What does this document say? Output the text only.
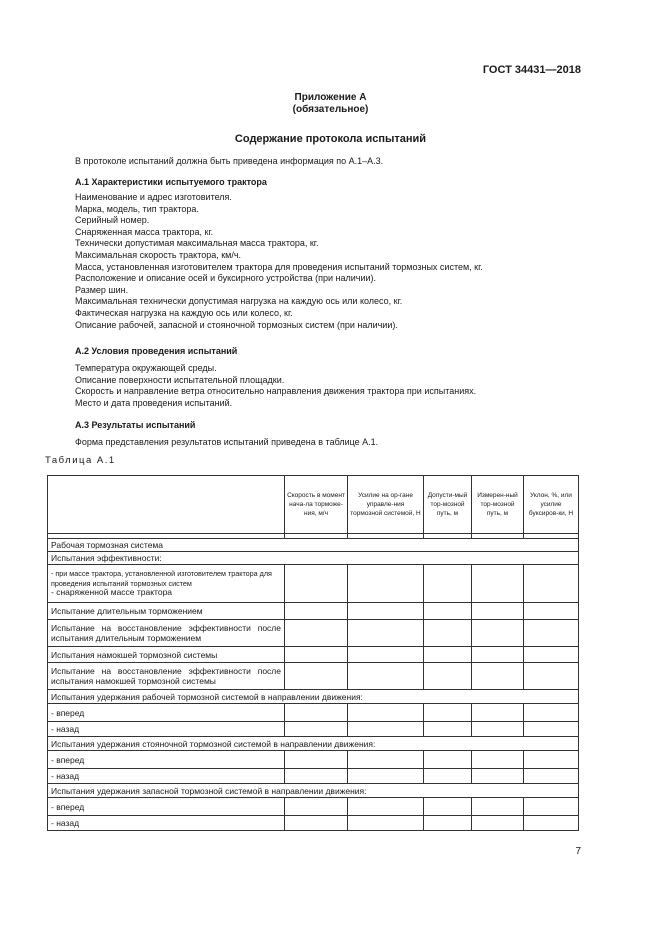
ГОСТ 34431—2018
Приложение А
(обязательное)
Содержание протокола испытаний
В протоколе испытаний должна быть приведена информация по А.1–А.3.
А.1 Характеристики испытуемого трактора
Наименование и адрес изготовителя.
Марка, модель, тип трактора.
Серийный номер.
Снаряженная масса трактора, кг.
Технически допустимая максимальная масса трактора, кг.
Максимальная скорость трактора, км/ч.
Масса, установленная изготовителем трактора для проведения испытаний тормозных систем, кг.
Расположение и описание осей и буксирного устройства (при наличии).
Размер шин.
Максимальная технически допустимая нагрузка на каждую ось или колесо, кг.
Фактическая нагрузка на каждую ось или колесо, кг.
Описание рабочей, запасной и стояночной тормозных систем (при наличии).
А.2 Условия проведения испытаний
Температура окружающей среды.
Описание поверхности испытательной площадки.
Скорость и направление ветра относительно направления движения трактора при испытаниях.
Место и дата проведения испытаний.
А.3 Результаты испытаний
Форма представления результатов испытаний приведена в таблице А.1.
Таблица А.1
	Скорость в момент нача-ла торможе-ния, м/ч	Усилие на ор-гане управле-ния тормозной системой, Н	Допусти-мый тор-мозной путь, м	Измерен-ный тор-мозной путь, м	Уклон, %, или усилие буксиров-ки, Н

Рабочая тормозная система					
Испытания эффективности:					

- при массе трактора, установленной изготовителем трактора для проведения испытаний тормозных систем
- снаряженной массе трактора					

Испытание длительным торможением					
Испытание на восстановление эффективности после испытания длительным торможением					
Испытания намокшей тормозной системы					
Испытание на восстановление эффективности после испытания намокшей тормозной системы					
Испытания удержания рабочей тормозной системой в направлении движения:					
- вперед					
- назад					
Испытания удержания стояночной тормозной системой в направлении движения:					
- вперед					
- назад					
Испытания удержания запасной тормозной системой в направлении движения:					
- вперед					
- назад					
7
